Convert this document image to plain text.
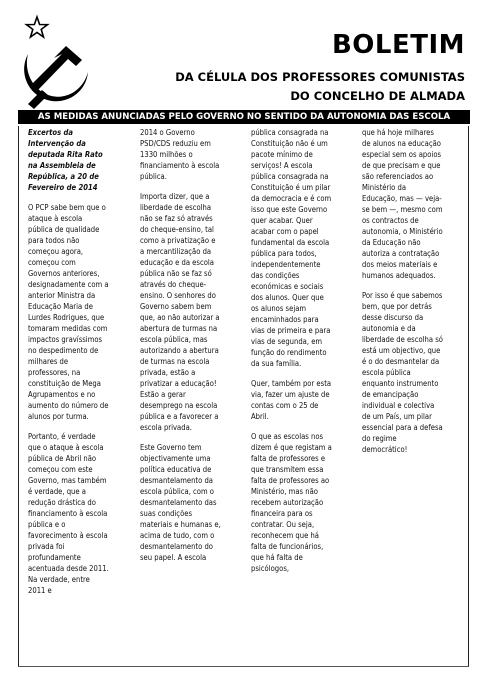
BOLETIM
DA CÉLULA DOS PROFESSORES COMUNISTAS
DO CONCELHO DE ALMADA
AS MEDIDAS ANUNCIADAS PELO GOVERNO NO SENTIDO DA AUTONOMIA DAS ESCOLA

Excertos da Intervenção da deputada Rita Rato na Assembleia de República, a 20 de Fevereiro de 2014

O PCP sabe bem que o ataque à escola pública de qualidade para todos não começou agora, começou com Governos anteriores, designadamente com a anterior Ministra da Educação Maria de Lurdes Rodrigues, que tomaram medidas com impactos gravíssimos no despedimento de milhares de professores, na constituição de Mega Agrupamentos e no aumento do número de alunos por turma.

Portanto, é verdade que o ataque à escola pública de Abril não começou com este Governo, mas também é verdade, que a redução drástica do financiamento à escola pública e o favorecimento à escola privada foi profundamente acentuada desde 2011. Na verdade, entre 2011 e

2014 o Governo PSD/CDS reduziu em 1330 milhões o financiamento à escola pública.

Importa dizer, que a liberdade de escolha não se faz só através do cheque-ensino, tal como a privatização e a mercantilização da educação e da escola pública não se faz só através do cheque-ensino. O senhores do Governo sabem bem que, ao não autorizar a abertura de turmas na escola pública, mas autorizando a abertura de turmas na escola privada, estão a privatizar a educação! Estão a gerar desemprego na escola pública e a favorecer a escola privada.

Este Governo tem objectivamente uma política educativa de desmantelamento da escola pública, com o desmantelamento das suas condições materiais e humanas e, acima de tudo, com o desmantelamento do seu papel. A escola

pública consagrada na Constituição não é um pacote mínimo de serviços! A escola pública consagrada na Constituição é um pilar da democracia e é com isso que este Governo quer acabar. Quer acabar com o papel fundamental da escola pública para todos, independentemente das condições económicas e sociais dos alunos. Quer que os alunos sejam encaminhados para vias de primeira e para vias de segunda, em função do rendimento da sua família.

Quer, também por esta via, fazer um ajuste de contas com o 25 de Abril.

O que as escolas nos dizem é que registam a falta de professores e que transmitem essa falta de professores ao Ministério, mas não recebem autorização financeira para os contratar. Ou seja, reconhecem que há falta de funcionários, que há falta de psicólogos,

que há hoje milhares de alunos na educação especial sem os apoios de que precisam e que são referenciados ao Ministério da Educação, mas — veja-se bem —, mesmo com os contractos de autonomia, o Ministério da Educação não autoriza a contratação dos meios materiais e humanos adequados.

Por isso é que sabemos bem, que por detrás desse discurso da autonomia e da liberdade de escolha só está um objectivo, que é o do desmantelar da escola pública enquanto instrumento de emancipação individual e colectiva de um País, um pilar essencial para a defesa do regime democrático!
